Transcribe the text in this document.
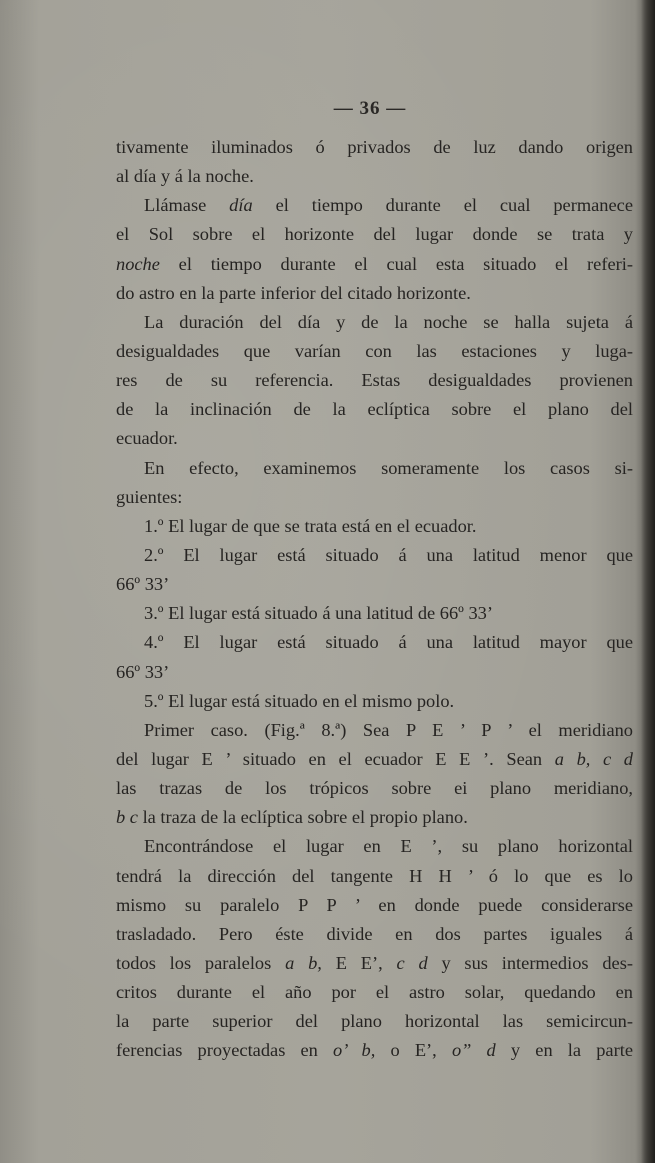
— 36 —
tivamente iluminados ó privados de luz dando origen
al día y á la noche.
Llámase día el tiempo durante el cual permanece
el Sol sobre el horizonte del lugar donde se trata y
noche el tiempo durante el cual esta situado el referi-
do astro en la parte inferior del citado horizonte.
La duración del día y de la noche se halla sujeta á
desigualdades que varían con las estaciones y luga-
res de su referencia. Estas desigualdades provienen
de la inclinación de la eclíptica sobre el plano del
ecuador.
En efecto, examinemos someramente los casos si-
guientes:
1.º El lugar de que se trata está en el ecuador.
2.º El lugar está situado á una latitud menor que
66º 33’
3.º El lugar está situado á una latitud de 66º 33’
4.º El lugar está situado á una latitud mayor que
66º 33’
5.º El lugar está situado en el mismo polo.
Primer caso. (Fig.ª 8.ª) Sea P E ’ P ’ el meridiano
del lugar E ’ situado en el ecuador E E ’. Sean a b, c d
las trazas de los trópicos sobre ei plano meridiano,
b c la traza de la eclíptica sobre el propio plano.
Encontrándose el lugar en E ’, su plano horizontal
tendrá la dirección del tangente H H ’ ó lo que es lo
mismo su paralelo P P ’ en donde puede considerarse
trasladado. Pero éste divide en dos partes iguales á
todos los paralelos a b, E E’, c d y sus intermedios des-
critos durante el año por el astro solar, quedando en
la parte superior del plano horizontal las semicircun-
ferencias proyectadas en o’ b, o E’, o” d y en la parte
